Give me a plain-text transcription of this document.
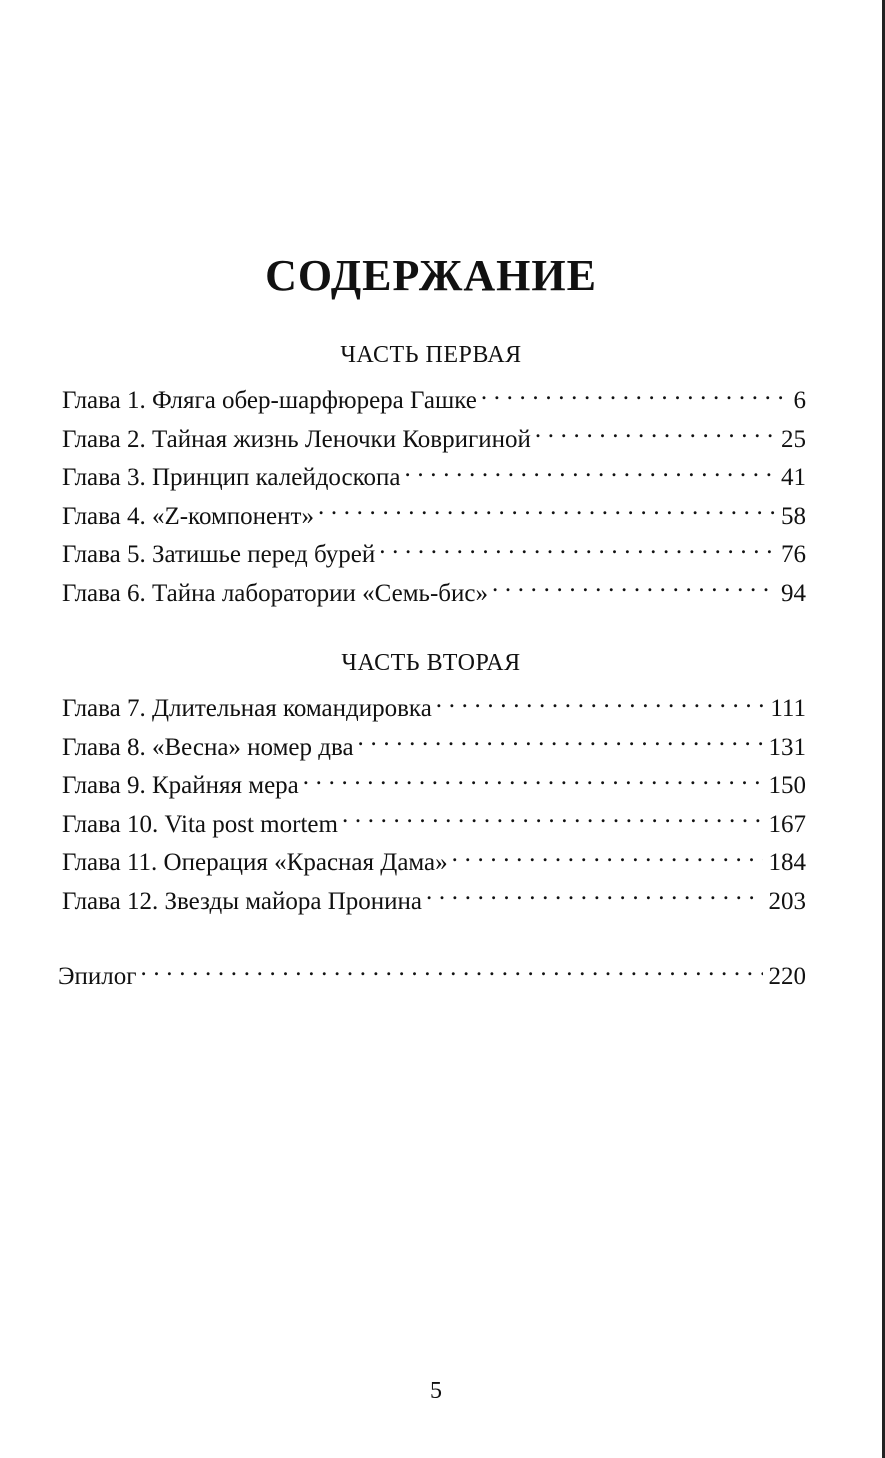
СОДЕРЖАНИЕ
ЧАСТЬ ПЕРВАЯ
Глава 1. Фляга обер-шарфюрера Гашке . . .	6
Глава 2. Тайная жизнь Леночки Ковригиной . . .	25
Глава 3. Принцип калейдоскопа . . .	41
Глава 4. «Z-компонент» . . .	58
Глава 5. Затишье перед бурей . . .	76
Глава 6. Тайна лаборатории «Семь-бис» . . .	94
ЧАСТЬ ВТОРАЯ
Глава 7. Длительная командировка . . .	111
Глава 8. «Весна» номер два . . .	131
Глава 9. Крайняя мера . . .	150
Глава 10. Vita post mortem . . .	167
Глава 11. Операция «Красная Дама» . . .	184
Глава 12. Звезды майора Пронина . . .	203
Эпилог . . .	220
5
